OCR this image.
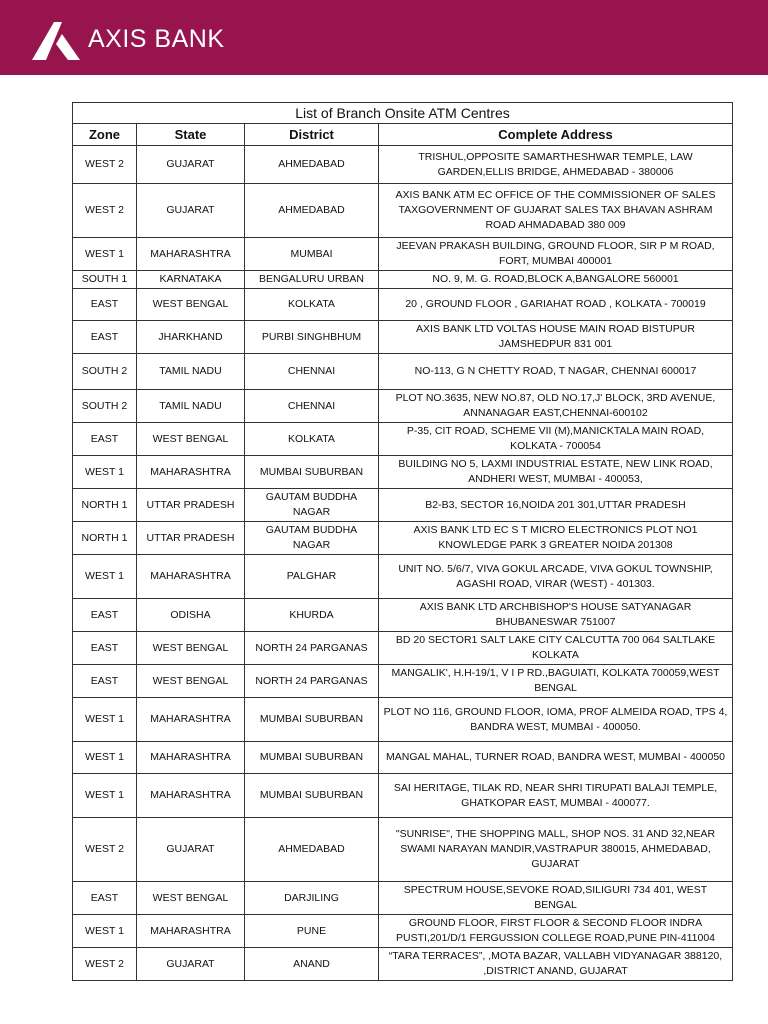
AXIS BANK
List of Branch Onsite ATM Centres			
Zone	State	District	Complete Address
WEST 2	GUJARAT	AHMEDABAD	TRISHUL,OPPOSITE SAMARTHESHWAR TEMPLE, LAW GARDEN,ELLIS BRIDGE, AHMEDABAD - 380006
WEST 2	GUJARAT	AHMEDABAD	AXIS BANK ATM EC OFFICE OF THE COMMISSIONER OF SALES TAXGOVERNMENT OF GUJARAT SALES TAX BHAVAN ASHRAM ROAD AHMADABAD 380 009
WEST 1	MAHARASHTRA	MUMBAI	JEEVAN PRAKASH BUILDING, GROUND FLOOR, SIR P M ROAD, FORT, MUMBAI 400001
SOUTH 1	KARNATAKA	BENGALURU URBAN	NO. 9, M. G. ROAD,BLOCK A,BANGALORE 560001
EAST	WEST BENGAL	KOLKATA	20 , GROUND FLOOR , GARIAHAT ROAD , KOLKATA - 700019
EAST	JHARKHAND	PURBI SINGHBHUM	AXIS BANK LTD VOLTAS HOUSE MAIN ROAD BISTUPUR JAMSHEDPUR 831 001
SOUTH 2	TAMIL NADU	CHENNAI	NO-113, G N CHETTY ROAD, T NAGAR, CHENNAI 600017
SOUTH 2	TAMIL NADU	CHENNAI	PLOT NO.3635, NEW NO.87, OLD NO.17,J' BLOCK, 3RD AVENUE, ANNANAGAR EAST,CHENNAI-600102
EAST	WEST BENGAL	KOLKATA	P-35, CIT ROAD, SCHEME VII (M),MANICKTALA MAIN ROAD, KOLKATA - 700054
WEST 1	MAHARASHTRA	MUMBAI SUBURBAN	BUILDING NO 5, LAXMI INDUSTRIAL ESTATE, NEW LINK ROAD, ANDHERI WEST, MUMBAI - 400053,
NORTH 1	UTTAR PRADESH	GAUTAM BUDDHA NAGAR	B2-B3, SECTOR 16,NOIDA 201 301,UTTAR PRADESH
NORTH 1	UTTAR PRADESH	GAUTAM BUDDHA NAGAR	AXIS BANK LTD EC S T MICRO ELECTRONICS PLOT NO1 KNOWLEDGE PARK 3 GREATER NOIDA 201308
WEST 1	MAHARASHTRA	PALGHAR	UNIT NO. 5/6/7, VIVA GOKUL ARCADE, VIVA GOKUL TOWNSHIP, AGASHI ROAD, VIRAR (WEST) - 401303.
EAST	ODISHA	KHURDA	AXIS BANK LTD ARCHBISHOP'S HOUSE SATYANAGAR BHUBANESWAR 751007
EAST	WEST BENGAL	NORTH 24 PARGANAS	BD 20 SECTOR1 SALT LAKE CITY CALCUTTA 700 064 SALTLAKE KOLKATA
EAST	WEST BENGAL	NORTH 24 PARGANAS	MANGALIK', H.H-19/1, V I P RD.,BAGUIATI, KOLKATA 700059,WEST BENGAL
WEST 1	MAHARASHTRA	MUMBAI SUBURBAN	PLOT NO 116, GROUND FLOOR, IOMA, PROF ALMEIDA ROAD, TPS 4, BANDRA WEST, MUMBAI - 400050.
WEST 1	MAHARASHTRA	MUMBAI SUBURBAN	MANGAL MAHAL, TURNER ROAD, BANDRA WEST, MUMBAI - 400050
WEST 1	MAHARASHTRA	MUMBAI SUBURBAN	SAI HERITAGE, TILAK RD, NEAR SHRI TIRUPATI BALAJI TEMPLE, GHATKOPAR EAST, MUMBAI - 400077.
WEST 2	GUJARAT	AHMEDABAD	"SUNRISE", THE SHOPPING MALL, SHOP NOS. 31 AND 32,NEAR SWAMI NARAYAN MANDIR,VASTRAPUR 380015, AHMEDABAD, GUJARAT
EAST	WEST BENGAL	DARJILING	SPECTRUM HOUSE,SEVOKE ROAD,SILIGURI 734 401, WEST BENGAL
WEST 1	MAHARASHTRA	PUNE	GROUND FLOOR, FIRST FLOOR & SECOND FLOOR INDRA PUSTI,201/D/1 FERGUSSION COLLEGE ROAD,PUNE PIN-411004
WEST 2	GUJARAT	ANAND	“TARA TERRACES”, ,MOTA BAZAR, VALLABH VIDYANAGAR 388120, ,DISTRICT ANAND, GUJARAT
